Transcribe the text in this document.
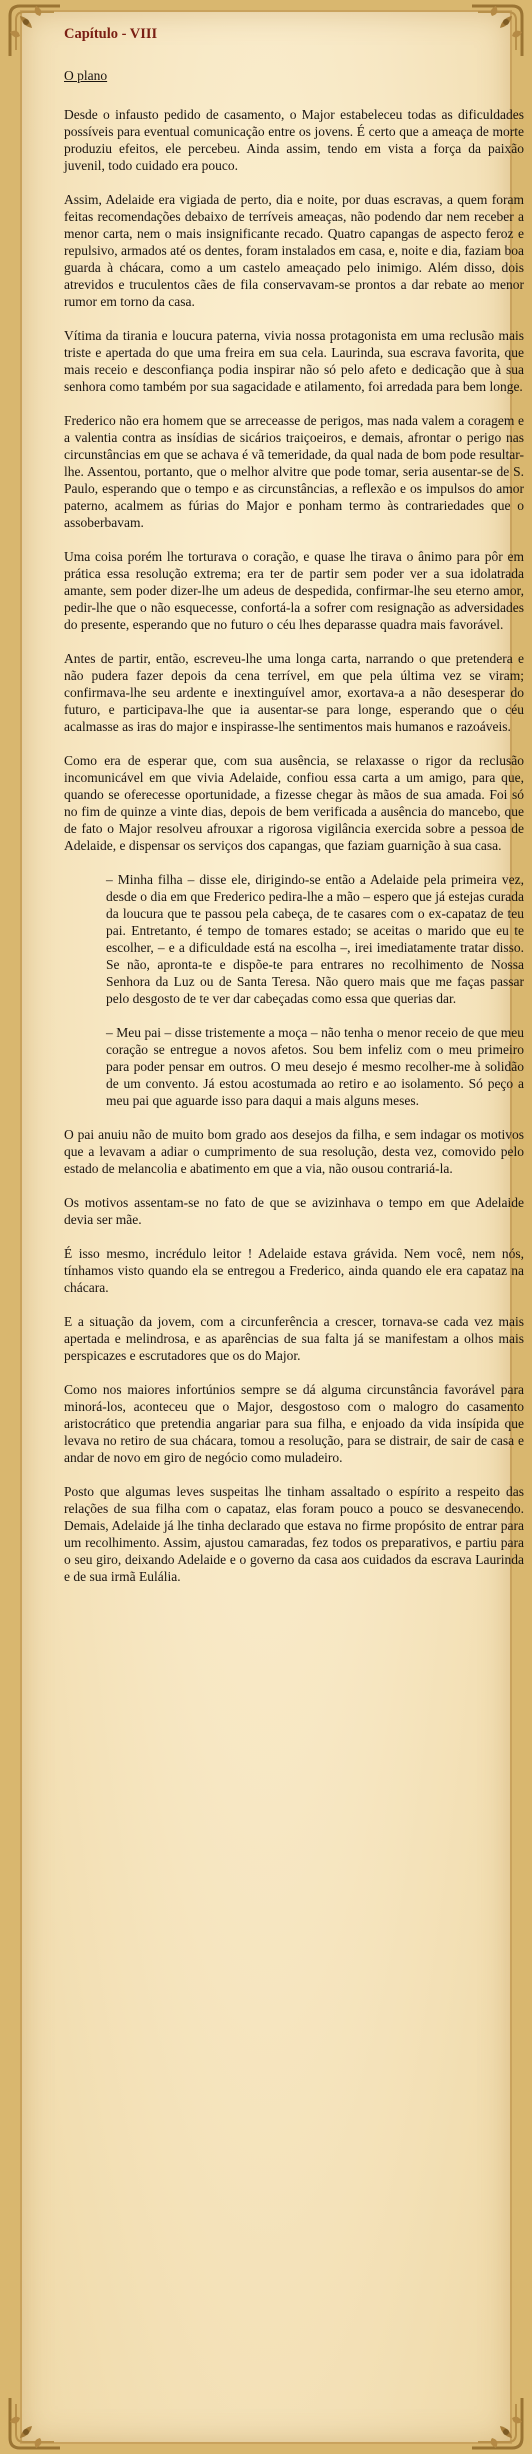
Capítulo - VIII
O plano

Desde o infausto pedido de casamento, o Major estabeleceu todas as dificuldades possíveis para eventual comunicação entre os jovens. É certo que a ameaça de morte produziu efeitos, ele percebeu. Ainda assim, tendo em vista a força da paixão juvenil, todo cuidado era pouco.

Assim, Adelaide era vigiada de perto, dia e noite, por duas escravas, a quem foram feitas recomendações debaixo de terríveis ameaças, não podendo dar nem receber a menor carta, nem o mais insignificante recado. Quatro capangas de aspecto feroz e repulsivo, armados até os dentes, foram instalados em casa, e, noite e dia, faziam boa guarda à chácara, como a um castelo ameaçado pelo inimigo. Além disso, dois atrevidos e truculentos cães de fila conservavam-se prontos a dar rebate ao menor rumor em torno da casa.

Vítima da tirania e loucura paterna, vivia nossa protagonista em uma reclusão mais triste e apertada do que uma freira em sua cela. Laurinda, sua escrava favorita, que mais receio e desconfiança podia inspirar não só pelo afeto e dedicação que à sua senhora como também por sua sagacidade e atilamento, foi arredada para bem longe.

Frederico não era homem que se arreceasse de perigos, mas nada valem a coragem e a valentia contra as insídias de sicários traiçoeiros, e demais, afrontar o perigo nas circunstâncias em que se achava é vã temeridade, da qual nada de bom pode resultar-lhe. Assentou, portanto, que o melhor alvitre que pode tomar, seria ausentar-se de S. Paulo, esperando que o tempo e as circunstâncias, a reflexão e os impulsos do amor paterno, acalmem as fúrias do Major e ponham termo às contrariedades que o assoberbavam.

Uma coisa porém lhe torturava o coração, e quase lhe tirava o ânimo para pôr em prática essa resolução extrema; era ter de partir sem poder ver a sua idolatrada amante, sem poder dizer-lhe um adeus de despedida, confirmar-lhe seu eterno amor, pedir-lhe que o não esquecesse, confortá-la a sofrer com resignação as adversidades do presente, esperando que no futuro o céu lhes deparasse quadra mais favorável.

Antes de partir, então, escreveu-lhe uma longa carta, narrando o que pretendera e não pudera fazer depois da cena terrível, em que pela última vez se viram; confirmava-lhe seu ardente e inextinguível amor, exortava-a a não desesperar do futuro, e participava-lhe que ia ausentar-se para longe, esperando que o céu acalmasse as iras do major e inspirasse-lhe sentimentos mais humanos e razoáveis.

Como era de esperar que, com sua ausência, se relaxasse o rigor da reclusão incomunicável em que vivia Adelaide, confiou essa carta a um amigo, para que, quando se oferecesse oportunidade, a fizesse chegar às mãos de sua amada. Foi só no fim de quinze a vinte dias, depois de bem verificada a ausência do mancebo, que de fato o Major resolveu afrouxar a rigorosa vigilância exercida sobre a pessoa de Adelaide, e dispensar os serviços dos capangas, que faziam guarnição à sua casa.

– Minha filha – disse ele, dirigindo-se então a Adelaide pela primeira vez, desde o dia em que Frederico pedira-lhe a mão – espero que já estejas curada da loucura que te passou pela cabeça, de te casares com o ex-capataz de teu pai. Entretanto, é tempo de tomares estado; se aceitas o marido que eu te escolher, – e a dificuldade está na escolha –, irei imediatamente tratar disso. Se não, apronta-te e dispõe-te para entrares no recolhimento de Nossa Senhora da Luz ou de Santa Teresa. Não quero mais que me faças passar pelo desgosto de te ver dar cabeçadas como essa que querias dar.

– Meu pai – disse tristemente a moça – não tenha o menor receio de que meu coração se entregue a novos afetos. Sou bem infeliz com o meu primeiro para poder pensar em outros. O meu desejo é mesmo recolher-me à solidão de um convento. Já estou acostumada ao retiro e ao isolamento. Só peço a meu pai que aguarde isso para daqui a mais alguns meses.

O pai anuiu não de muito bom grado aos desejos da filha, e sem indagar os motivos que a levavam a adiar o cumprimento de sua resolução, desta vez, comovido pelo estado de melancolia e abatimento em que a via, não ousou contrariá-la.

Os motivos assentam-se no fato de que se avizinhava o tempo em que Adelaide devia ser mãe.

É isso mesmo, incrédulo leitor ! Adelaide estava grávida. Nem você, nem nós, tínhamos visto quando ela se entregou a Frederico, ainda quando ele era capataz na chácara.

E a situação da jovem, com a circunferência a crescer, tornava-se cada vez mais apertada e melindrosa, e as aparências de sua falta já se manifestam a olhos mais perspicazes e escrutadores que os do Major.

Como nos maiores infortúnios sempre se dá alguma circunstância favorável para minorá-los, aconteceu que o Major, desgostoso com o malogro do casamento aristocrático que pretendia angariar para sua filha, e enjoado da vida insípida que levava no retiro de sua chácara, tomou a resolução, para se distrair, de sair de casa e andar de novo em giro de negócio como muladeiro.

Posto que algumas leves suspeitas lhe tinham assaltado o espírito a respeito das relações de sua filha com o capataz, elas foram pouco a pouco se desvanecendo. Demais, Adelaide já lhe tinha declarado que estava no firme propósito de entrar para um recolhimento. Assim, ajustou camaradas, fez todos os preparativos, e partiu para o seu giro, deixando Adelaide e o governo da casa aos cuidados da escrava Laurinda e de sua irmã Eulália.
